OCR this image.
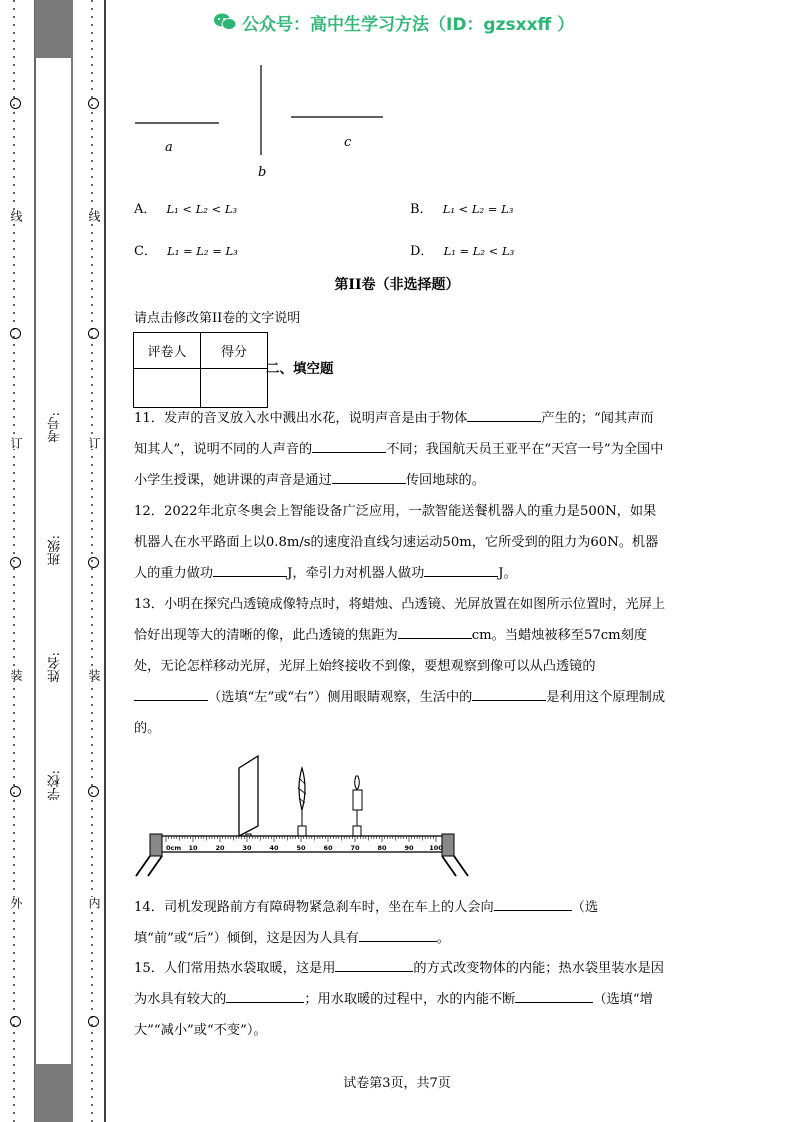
线
订
装
外
线
订
装
内
考号:
班级:
姓名:
学校:
公众号：高中生学习方法（ID：gzsxxff ）
a
b
c
A． L₁ < L₂ < L₃	B． L₁ < L₂ = L₃
C． L₁ = L₂ = L₃	D． L₁ = L₂ < L₃
第II卷（非选择题）
请点击修改第II卷的文字说明
评卷人	得分

二、填空题
11．发声的音叉放入水中溅出水花，说明声音是由于物体	产生的；“闻其声而知其人”，说明不同的人声音的	不同；我国航天员王亚平在“天宫一号”为全国中小学生授课，她讲课的声音是通过	传回地球的。
12．2022年北京冬奥会上智能设备广泛应用，一款智能送餐机器人的重力是500N，如果机器人在水平路面上以0.8m/s的速度沿直线匀速运动50m，它所受到的阻力为60N。机器人的重力做功	J，牵引力对机器人做功	J。
13．小明在探究凸透镜成像特点时，将蜡烛、凸透镜、光屏放置在如图所示位置时，光屏上恰好出现等大的清晰的像，此凸透镜的焦距为	cm。当蜡烛被移至57cm刻度处，无论怎样移动光屏，光屏上始终接收不到像，要想观察到像可以从凸透镜的（选填“左”或“右”）侧用眼睛观察，生活中的	是利用这个原理制成的。
0cm 10	20	30	40	50	60	70	80	90 100
14．司机发现路前方有障碍物紧急刹车时，坐在车上的人会向	（选填“前”或“后”）倾倒，这是因为人具有	。
15．人们常用热水袋取暖，这是用	的方式改变物体的内能；热水袋里装水是因为水具有较大的	；用水取暖的过程中，水的内能不断	（选填“增大”“减小”或“不变”）。
试卷第3页，共7页
